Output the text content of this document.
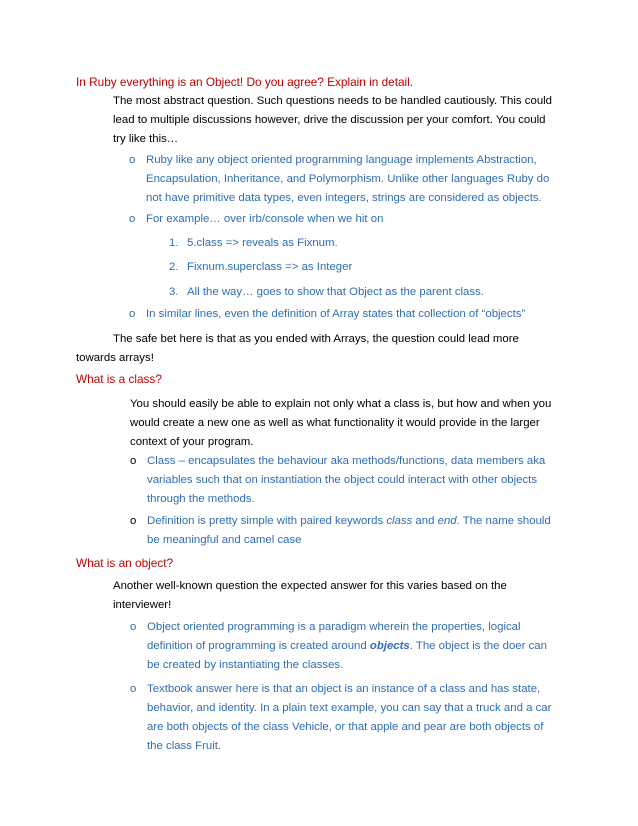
In Ruby everything is an Object! Do you agree? Explain in detail.
The most abstract question. Such questions needs to be handled cautiously. This could
lead to multiple discussions however, drive the discussion per your comfort. You could
try like this…
o Ruby like any object oriented programming language implements Abstraction,
Encapsulation, Inheritance, and Polymorphism. Unlike other languages Ruby do
not have primitive data types, even integers, strings are considered as objects.
o For example… over irb/console when we hit on
1. 5.class => reveals as Fixnum.
2. Fixnum.superclass => as Integer
3. All the way… goes to show that Object as the parent class.
o In similar lines, even the definition of Array states that collection of “objects”
The safe bet here is that as you ended with Arrays, the question could lead more
towards arrays!
What is a class?
You should easily be able to explain not only what a class is, but how and when you
would create a new one as well as what functionality it would provide in the larger
context of your program.
o Class – encapsulates the behaviour aka methods/functions, data members aka
variables such that on instantiation the object could interact with other objects
through the methods.
o Definition is pretty simple with paired keywords class and end. The name should
be meaningful and camel case
What is an object?
Another well-known question the expected answer for this varies based on the
interviewer!
o Object oriented programming is a paradigm wherein the properties, logical
definition of programming is created around objects. The object is the doer can
be created by instantiating the classes.
o Textbook answer here is that an object is an instance of a class and has state,
behavior, and identity. In a plain text example, you can say that a truck and a car
are both objects of the class Vehicle, or that apple and pear are both objects of
the class Fruit.
